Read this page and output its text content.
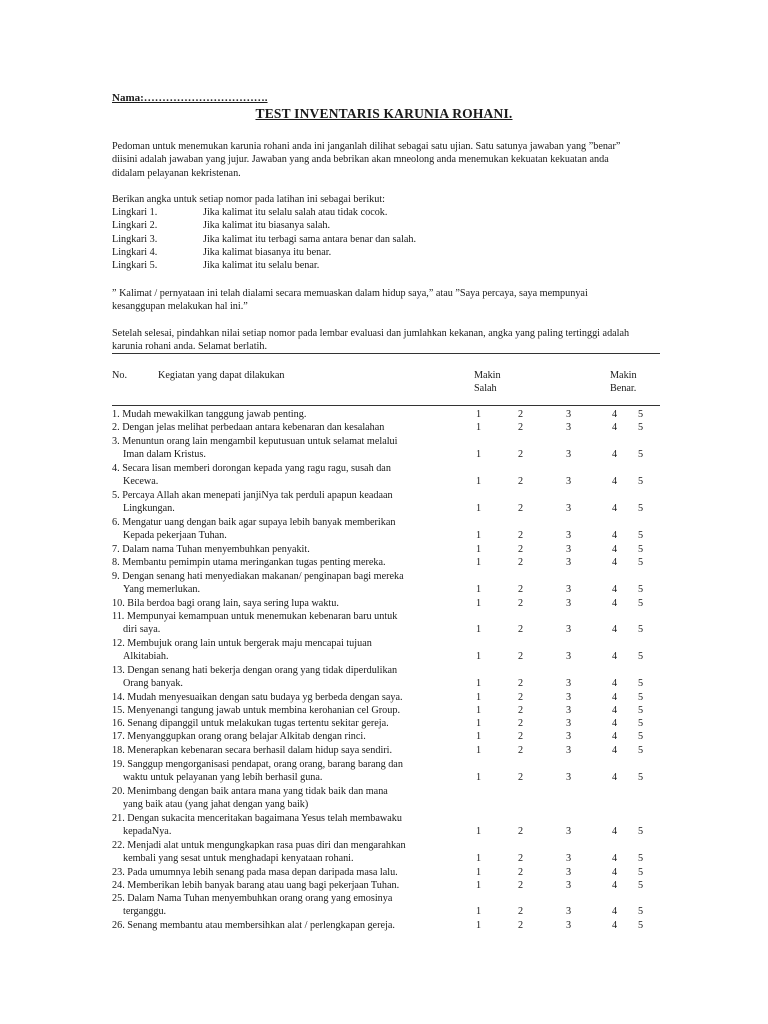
Nama:…………………………….
TEST INVENTARIS KARUNIA ROHANI.
Pedoman untuk menemukan karunia rohani anda ini janganlah dilihat sebagai satu ujian. Satu satunya jawaban yang ”benar”
diisini adalah jawaban yang jujur. Jawaban yang anda bebrikan akan mneolong anda menemukan kekuatan kekuatan anda
didalam pelayanan kekristenan.
Berikan angka untuk setiap nomor pada latihan ini sebagai berikut:
Lingkari 1.	Jika kalimat itu selalu salah atau tidak cocok.
Lingkari 2.	Jika kalimat itu biasanya salah.
Lingkari 3.	Jika kalimat itu terbagi sama antara benar dan salah.
Lingkari 4.	Jika kalimat biasanya itu benar.
Lingkari 5.	Jika kalimat itu selalu benar.
” Kalimat / pernyataan ini telah dialami secara memuaskan dalam hidup saya,” atau ”Saya percaya, saya mempunyai
kesanggupan melakukan hal ini.”
Setelah selesai, pindahkan nilai setiap nomor pada lembar evaluasi dan jumlahkan kekanan, angka yang paling tertinggi adalah
karunia rohani anda. Selamat berlatih.
No.	Kegiatan yang dapat dilakukan	Makin
Salah
Makin
Benar.
1. Mudah mewakilkan tanggung jawab penting.	1	2	3	4 5
2. Dengan jelas melihat perbedaan antara kebenaran dan kesalahan	1	2	3	4 5
3. Menuntun orang lain mengambil keputusuan untuk selamat melalui
Iman dalam Kristus.	1	2	3	4 5
4. Secara lisan memberi dorongan kepada yang ragu ragu, susah dan
Kecewa.	1	2	3	4 5
5. Percaya Allah akan menepati janjiNya tak perduli apapun keadaan
Lingkungan.	1	2	3	4 5
6. Mengatur uang dengan baik agar supaya lebih banyak memberikan
Kepada pekerjaan Tuhan.	1	2	3	4 5
7. Dalam nama Tuhan menyembuhkan penyakit.	1	2	3	4 5
8. Membantu pemimpin utama meringankan tugas penting mereka.	1	2	3	4 5
9. Dengan senang hati menyediakan makanan/ penginapan bagi mereka
Yang memerlukan.	1	2	3	4 5
10. Bila berdoa bagi orang lain, saya sering lupa waktu.	1	2	3	4 5
11. Mempunyai kemampuan untuk menemukan kebenaran baru untuk
diri saya.	1	2	3	4 5
12. Membujuk orang lain untuk bergerak maju mencapai tujuan
Alkitabiah.	1	2	3	4 5
13. Dengan senang hati bekerja dengan orang yang tidak diperdulikan
Orang banyak.	1	2	3	4 5
14. Mudah menyesuaikan dengan satu budaya yg berbeda dengan saya.	1	2	3	4 5
15. Menyenangi tangung jawab untuk membina kerohanian cel Group.	1	2	3	4 5
16. Senang dipanggil untuk melakukan tugas tertentu sekitar gereja.	1	2	3	4 5
17. Menyanggupkan orang orang belajar Alkitab dengan rinci.	1	2	3	4 5
18. Menerapkan kebenaran secara berhasil dalam hidup saya sendiri.	1	2	3	4 5
19. Sanggup mengorganisasi pendapat, orang orang, barang barang dan
waktu untuk pelayanan yang lebih berhasil guna.	1	2	3	4 5
20. Menimbang dengan baik antara mana yang tidak baik dan mana
yang baik atau (yang jahat dengan yang baik)
21. Dengan sukacita menceritakan bagaimana Yesus telah membawaku
kepadaNya.	1	2	3	4 5
22. Menjadi alat untuk mengungkapkan rasa puas diri dan mengarahkan
kembali yang sesat untuk menghadapi kenyataan rohani.	1	2	3	4 5
23. Pada umumnya lebih senang pada masa depan daripada masa lalu.	1	2	3	4 5
24. Memberikan lebih banyak barang atau uang bagi pekerjaan Tuhan.	1	2	3	4 5
25. Dalam Nama Tuhan menyembuhkan orang orang yang emosinya
terganggu.	1	2	3	4 5
26. Senang membantu atau membersihkan alat / perlengkapan gereja.	1	2	3	4 5
